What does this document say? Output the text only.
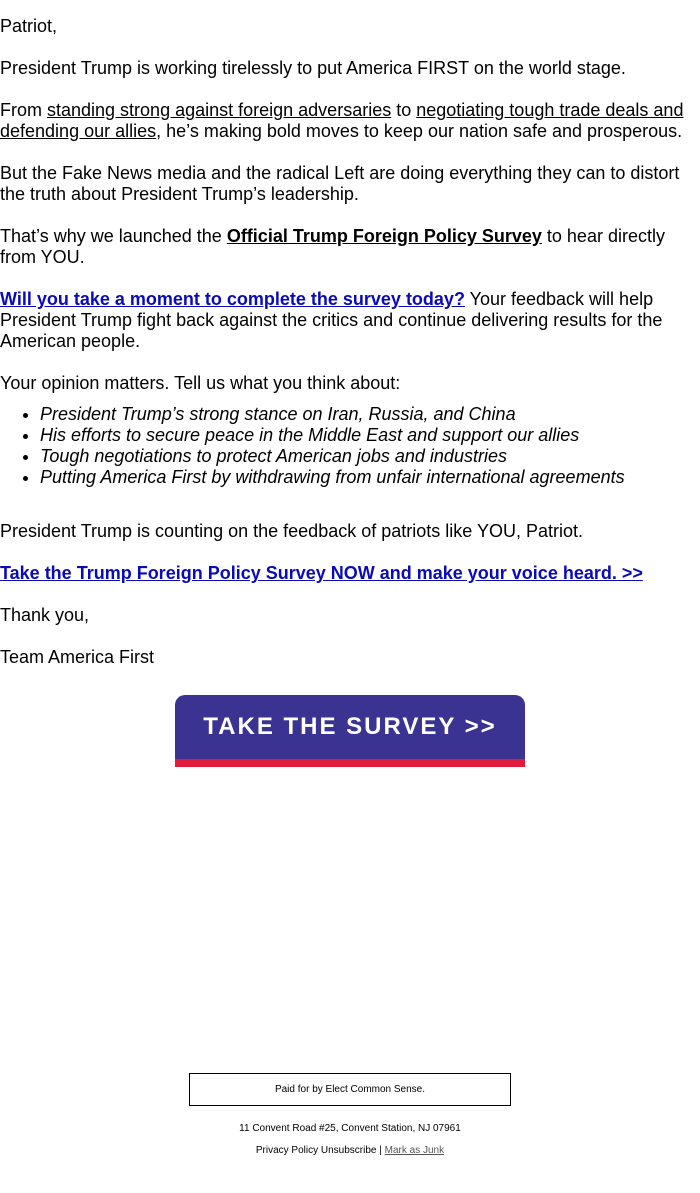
Patriot,

President Trump is working tirelessly to put America FIRST on the world stage.

From standing strong against foreign adversaries to negotiating tough trade deals and defending our allies, he’s making bold moves to keep our nation safe and prosperous.

But the Fake News media and the radical Left are doing everything they can to distort the truth about President Trump’s leadership.

That’s why we launched the Official Trump Foreign Policy Survey to hear directly from YOU.

Will you take a moment to complete the survey today? Your feedback will help President Trump fight back against the critics and continue delivering results for the American people.

Your opinion matters. Tell us what you think about:

• President Trump’s strong stance on Iran, Russia, and China
• His efforts to secure peace in the Middle East and support our allies
• Tough negotiations to protect American jobs and industries
• Putting America First by withdrawing from unfair international agreements

President Trump is counting on the feedback of patriots like YOU, Patriot.

Take the Trump Foreign Policy Survey NOW and make your voice heard. >>

Thank you,

Team America First

TAKE THE SURVEY >>
Paid for by Elect Common Sense.
11 Convent Road #25, Convent Station, NJ 07961
Privacy Policy Unsubscribe | Mark as Junk
